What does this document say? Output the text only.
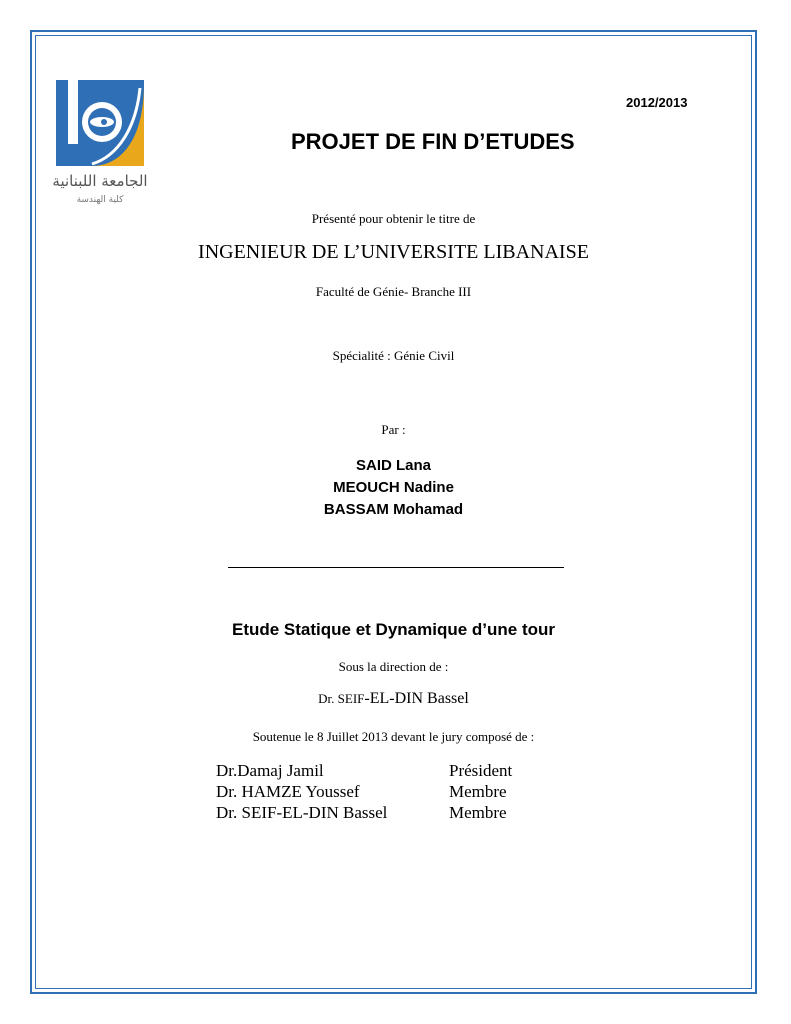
الجامعة اللبنانية
كلية الهندسة
2012/2013
PROJET DE FIN D’ETUDES
Présenté pour obtenir le titre de
INGENIEUR DE L’UNIVERSITE LIBANAISE
Faculté de Génie- Branche III
Spécialité : Génie Civil
Par :
SAID Lana
MEOUCH Nadine
BASSAM Mohamad
Etude Statique et Dynamique d’une tour
Sous la direction de :
Dr. SEIF-EL-DIN Bassel
Soutenue le 8 Juillet 2013 devant le jury composé de :
Dr.Damaj Jamil	Président
Dr. HAMZE Youssef	Membre
Dr. SEIF-EL-DIN Bassel	Membre
